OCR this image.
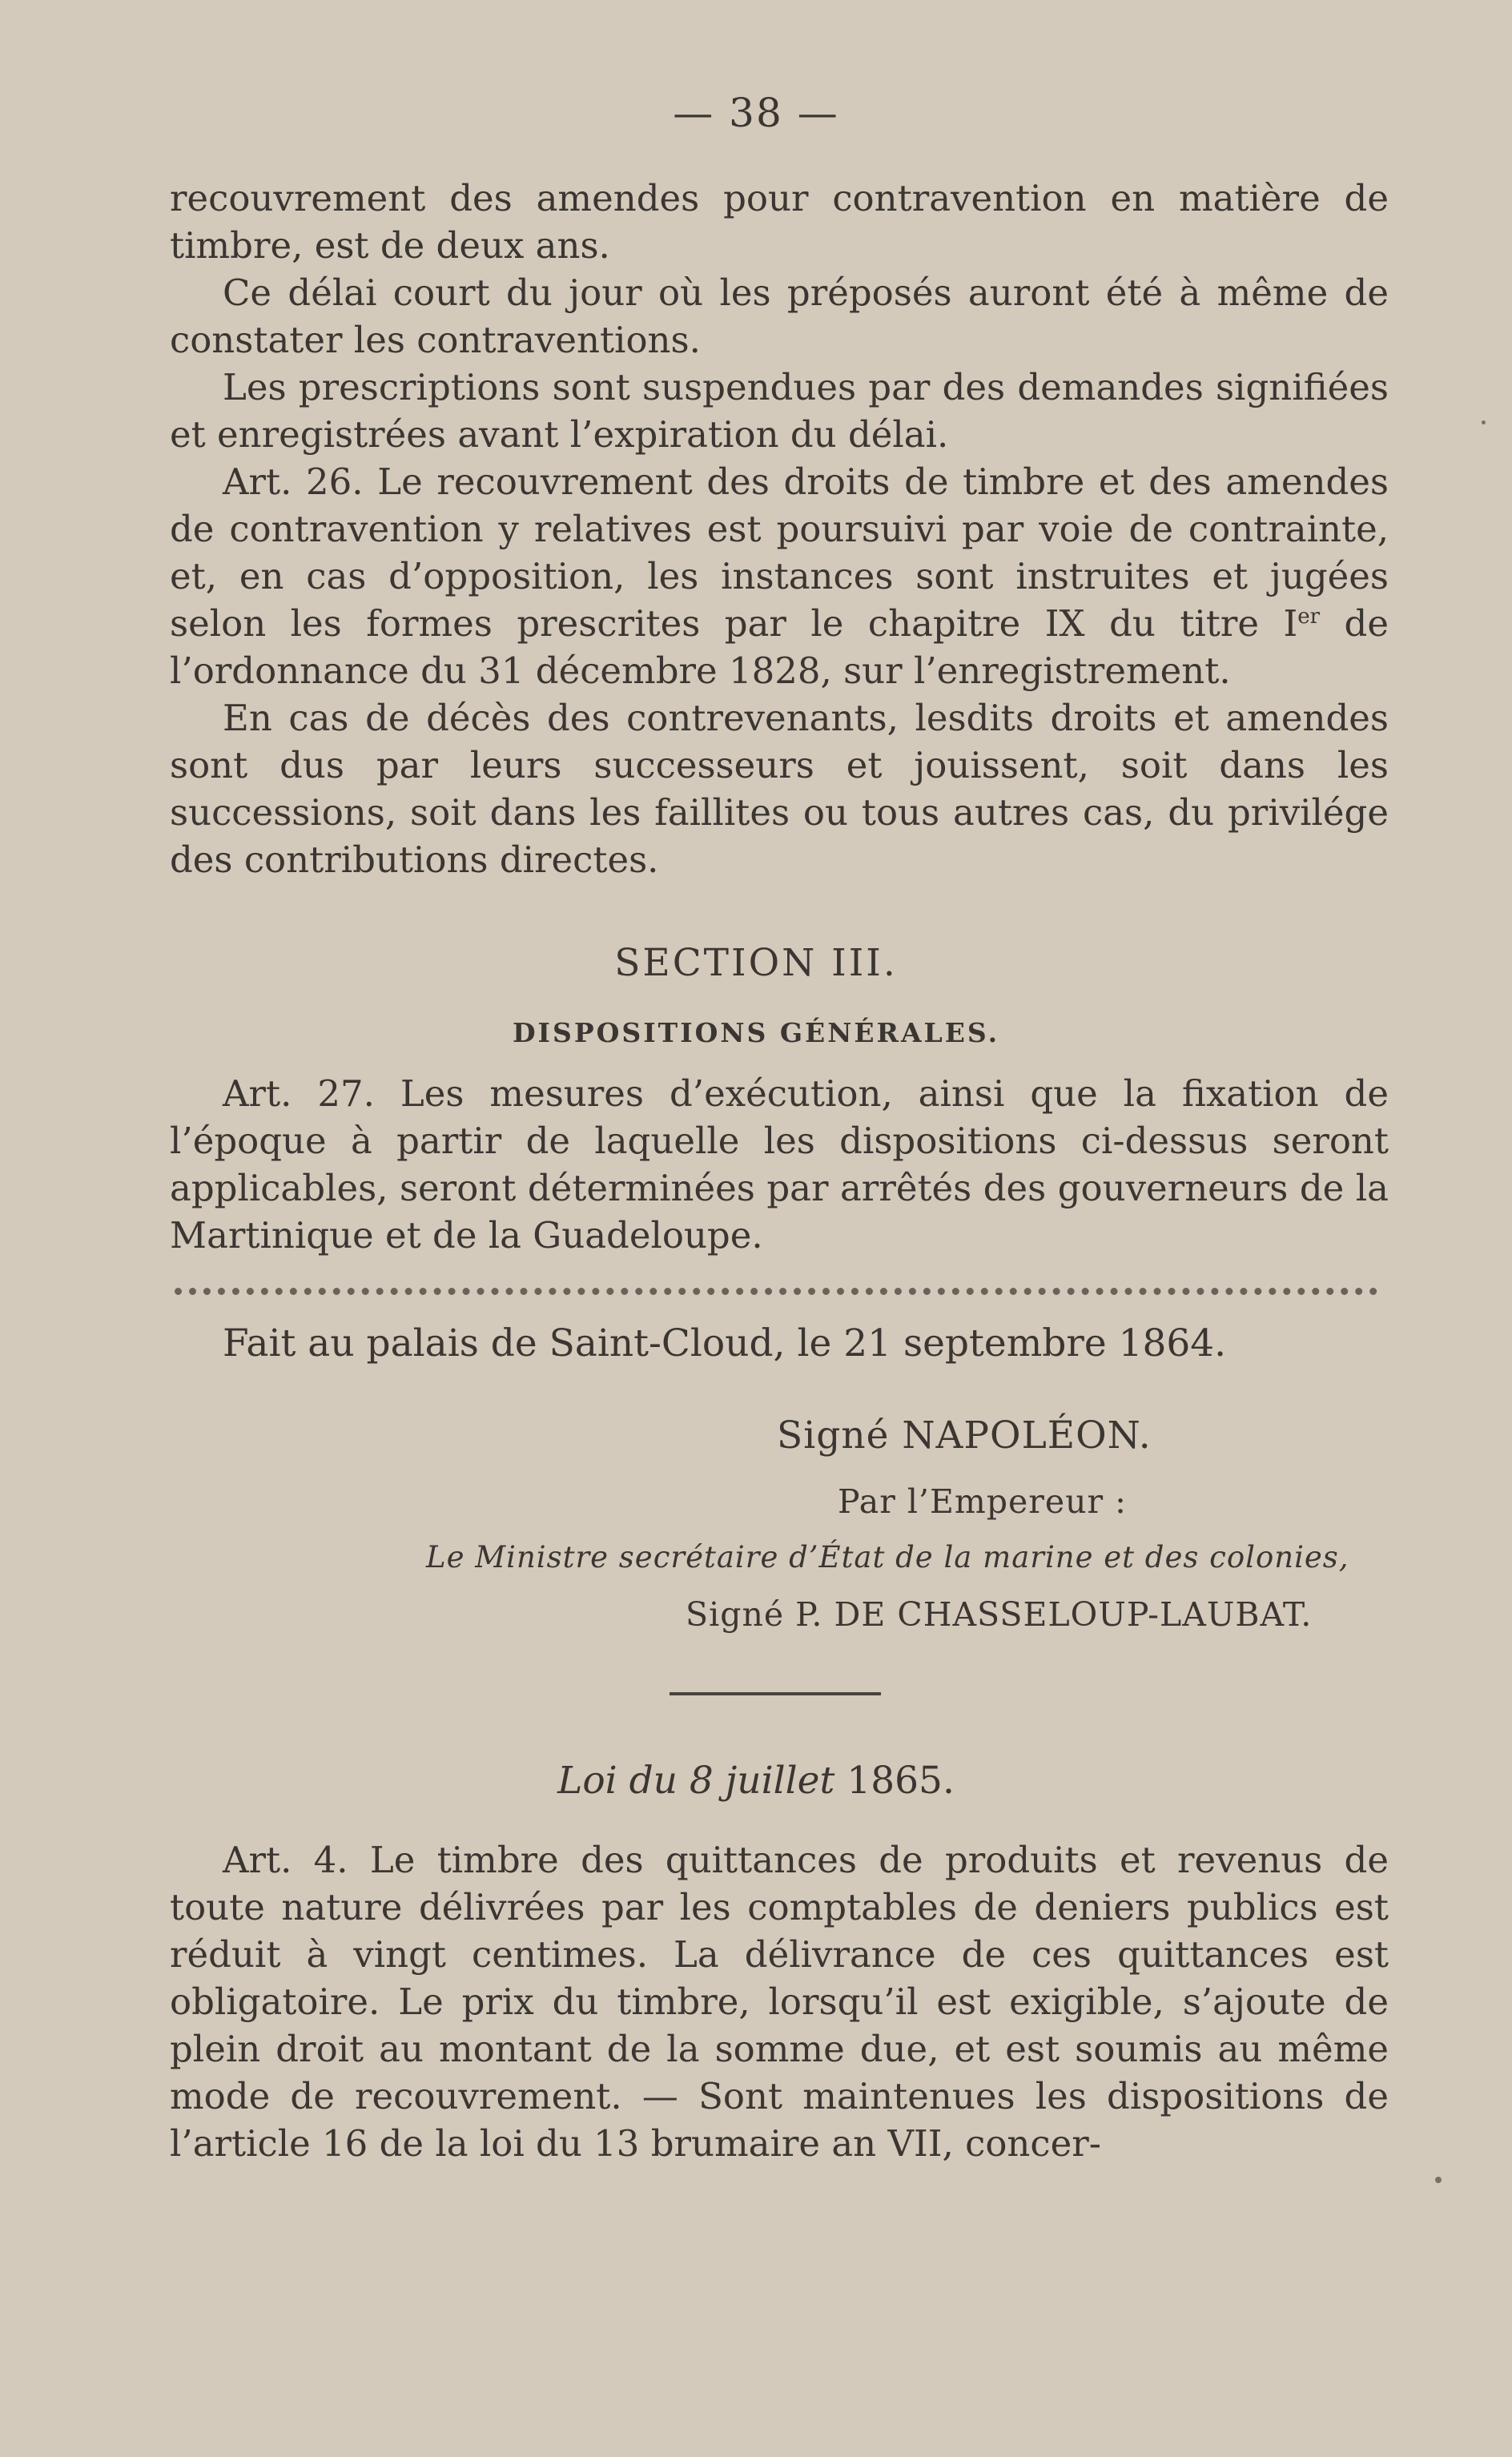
— 38 —

recouvrement des amendes pour contravention en matière de timbre, est de deux ans.

Ce délai court du jour où les préposés auront été à même de constater les contraventions.

Les prescriptions sont suspendues par des demandes signifiées et enregistrées avant l’expiration du délai.

Art. 26. Le recouvrement des droits de timbre et des amendes de contravention y relatives est poursuivi par voie de contrainte, et, en cas d’opposition, les instances sont instruites et jugées selon les formes prescrites par le chapitre IX du titre Ier de l’ordonnance du 31 décembre 1828, sur l’enregistrement.

En cas de décès des contrevenants, lesdits droits et amendes sont dus par leurs successeurs et jouissent, soit dans les successions, soit dans les faillites ou tous autres cas, du privilége des contributions directes.

SECTION III.
DISPOSITIONS GÉNÉRALES.

Art. 27. Les mesures d’exécution, ainsi que la fixation de l’époque à partir de laquelle les dispositions ci-dessus seront applicables, seront déterminées par arrêtés des gouverneurs de la Martinique et de la Guadeloupe.

Fait au palais de Saint-Cloud, le 21 septembre 1864.
Signé NAPOLÉON.
Par l’Empereur :
Le Ministre secrétaire d’État de la marine et des colonies,
Signé P. DE CHASSELOUP-LAUBAT.
Loi du 8 juillet 1865.

Art. 4. Le timbre des quittances de produits et revenus de toute nature délivrées par les comptables de deniers publics est réduit à vingt centimes. La délivrance de ces quittances est obligatoire. Le prix du timbre, lorsqu’il est exigible, s’ajoute de plein droit au montant de la somme due, et est soumis au même mode de recouvrement. — Sont maintenues les dispositions de l’article 16 de la loi du 13 brumaire an VII, concer-
